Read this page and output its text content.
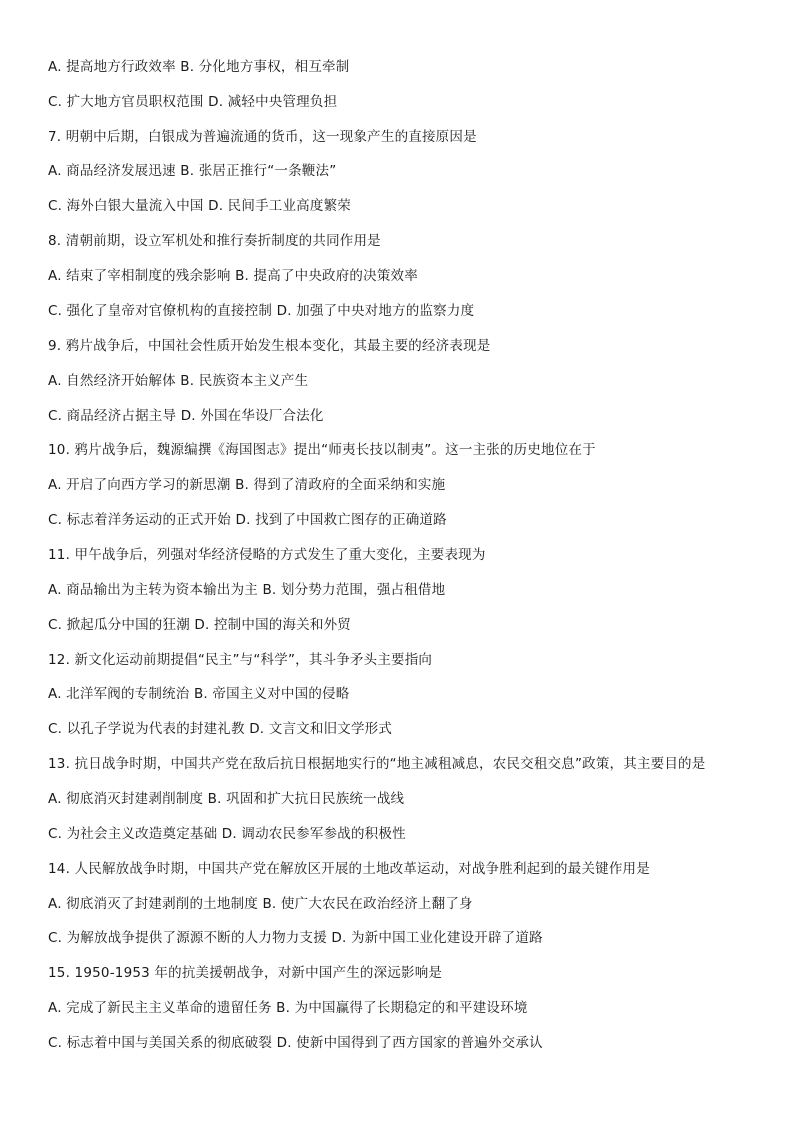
A. 提高地方行政效率 B. 分化地方事权，相互牵制
C. 扩大地方官员职权范围 D. 减轻中央管理负担
7. 明朝中后期，白银成为普遍流通的货币，这一现象产生的直接原因是
A. 商品经济发展迅速 B. 张居正推行“一条鞭法”
C. 海外白银大量流入中国 D. 民间手工业高度繁荣
8. 清朝前期，设立军机处和推行奏折制度的共同作用是
A. 结束了宰相制度的残余影响 B. 提高了中央政府的决策效率
C. 强化了皇帝对官僚机构的直接控制 D. 加强了中央对地方的监察力度
9. 鸦片战争后，中国社会性质开始发生根本变化，其最主要的经济表现是
A. 自然经济开始解体 B. 民族资本主义产生
C. 商品经济占据主导 D. 外国在华设厂合法化
10. 鸦片战争后，魏源编撰《海国图志》提出“师夷长技以制夷”。这一主张的历史地位在于
A. 开启了向西方学习的新思潮 B. 得到了清政府的全面采纳和实施
C. 标志着洋务运动的正式开始 D. 找到了中国救亡图存的正确道路
11. 甲午战争后，列强对华经济侵略的方式发生了重大变化，主要表现为
A. 商品输出为主转为资本输出为主 B. 划分势力范围，强占租借地
C. 掀起瓜分中国的狂潮 D. 控制中国的海关和外贸
12. 新文化运动前期提倡“民主”与“科学”，其斗争矛头主要指向
A. 北洋军阀的专制统治 B. 帝国主义对中国的侵略
C. 以孔子学说为代表的封建礼教 D. 文言文和旧文学形式
13. 抗日战争时期，中国共产党在敌后抗日根据地实行的“地主减租减息，农民交租交息”政策，其主要目的是
A. 彻底消灭封建剥削制度 B. 巩固和扩大抗日民族统一战线
C. 为社会主义改造奠定基础 D. 调动农民参军参战的积极性
14. 人民解放战争时期，中国共产党在解放区开展的土地改革运动，对战争胜利起到的最关键作用是
A. 彻底消灭了封建剥削的土地制度 B. 使广大农民在政治经济上翻了身
C. 为解放战争提供了源源不断的人力物力支援 D. 为新中国工业化建设开辟了道路
15. 1950-1953 年的抗美援朝战争，对新中国产生的深远影响是
A. 完成了新民主主义革命的遗留任务 B. 为中国赢得了长期稳定的和平建设环境
C. 标志着中国与美国关系的彻底破裂 D. 使新中国得到了西方国家的普遍外交承认
